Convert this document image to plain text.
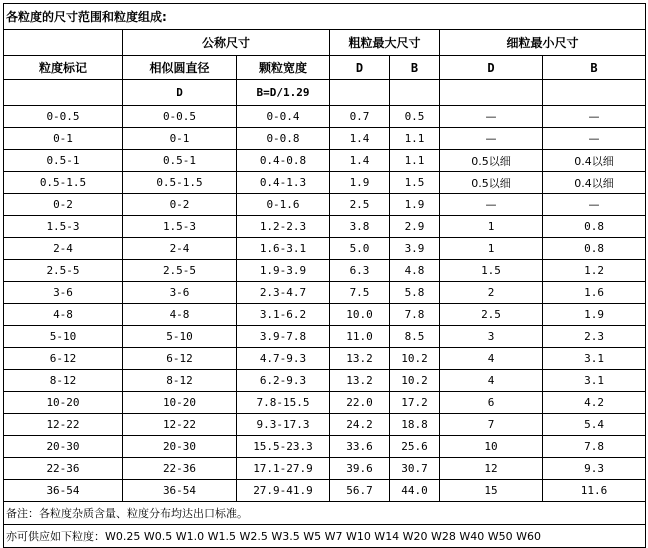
各粒度的尺寸范围和粒度组成:						
	公称尺寸		粗粒最大尺寸		细粒最小尺寸	
粒度标记	相似圆直径	颗粒宽度	D	B	D	B
	D	B=D/1.29				
0-0.5	0-0.5	0-0.4	0.7	0.5	—	—
0-1	0-1	0-0.8	1.4	1.1	—	—
0.5-1	0.5-1	0.4-0.8	1.4	1.1	0.5以细	0.4以细
0.5-1.5	0.5-1.5	0.4-1.3	1.9	1.5	0.5以细	0.4以细
0-2	0-2	0-1.6	2.5	1.9	—	—
1.5-3	1.5-3	1.2-2.3	3.8	2.9	1	0.8
2-4	2-4	1.6-3.1	5.0	3.9	1	0.8
2.5-5	2.5-5	1.9-3.9	6.3	4.8	1.5	1.2
3-6	3-6	2.3-4.7	7.5	5.8	2	1.6
4-8	4-8	3.1-6.2	10.0	7.8	2.5	1.9
5-10	5-10	3.9-7.8	11.0	8.5	3	2.3
6-12	6-12	4.7-9.3	13.2	10.2	4	3.1
8-12	8-12	6.2-9.3	13.2	10.2	4	3.1
10-20	10-20	7.8-15.5	22.0	17.2	6	4.2
12-22	12-22	9.3-17.3	24.2	18.8	7	5.4
20-30	20-30	15.5-23.3	33.6	25.6	10	7.8
22-36	22-36	17.1-27.9	39.6	30.7	12	9.3
36-54	36-54	27.9-41.9	56.7	44.0	15	11.6
备注：各粒度杂质含量、粒度分布均达出口标准。						
亦可供应如下粒度：W0.25 W0.5 W1.0 W1.5 W2.5 W3.5 W5 W7 W10 W14 W20 W28 W40 W50 W60						
